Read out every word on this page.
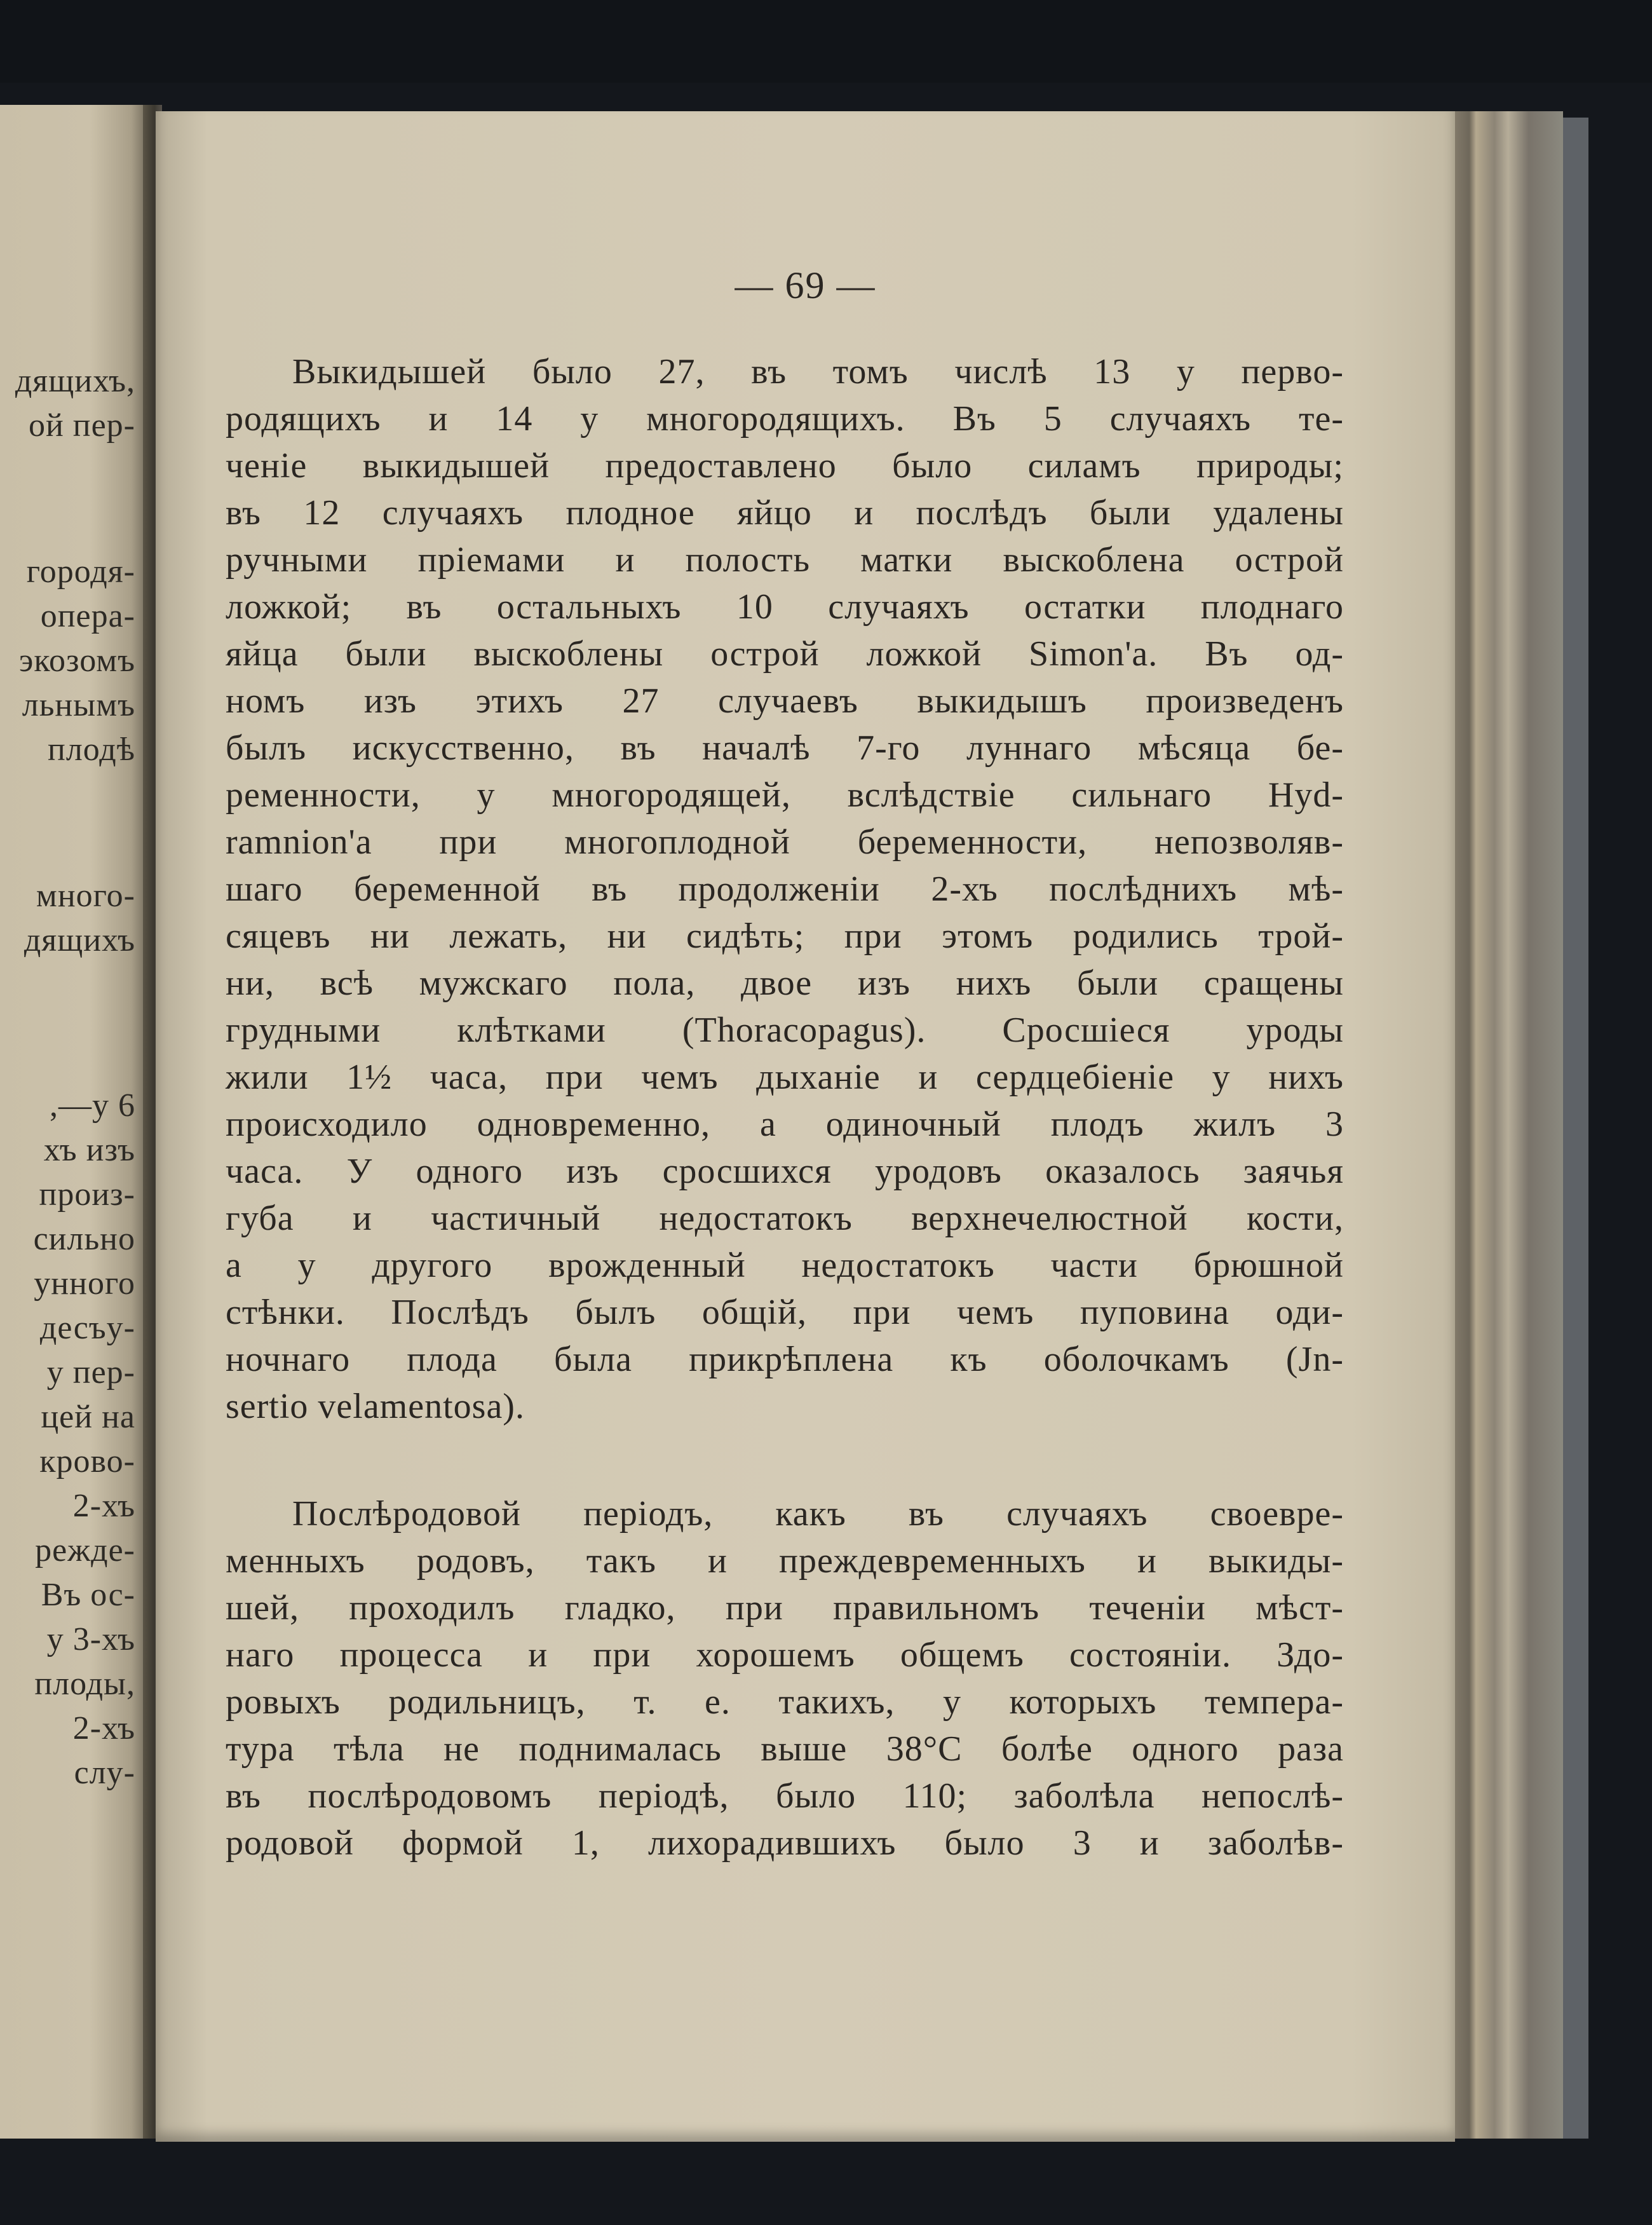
дящихъ,
ой пер-
городя-
опера-
экозомъ
льнымъ
плодѣ
много-
дящихъ
,—у 6
хъ изъ
произ-
сильно
унного
десъу-
у пер-
цей на
крово-
2-хъ
режде-
Въ ос-
у 3-хъ
плоды,
2-хъ
слу-
— 69 —
Выкидышей было 27, въ томъ числѣ 13 у перво-
родящихъ и 14 у многородящихъ. Въ 5 случаяхъ те-
ченіе выкидышей предоставлено было силамъ природы;
въ 12 случаяхъ плодное яйцо и послѣдъ были удалены
ручными пріемами и полость матки выскоблена острой
ложкой; въ остальныхъ 10 случаяхъ остатки плоднаго
яйца были выскоблены острой ложкой Simon'а. Въ од-
номъ изъ этихъ 27 случаевъ выкидышъ произведенъ
былъ искусственно, въ началѣ 7-го луннаго мѣсяца бе-
ременности, у многородящей, вслѣдствіе сильнаго Hyd-
ramnion'а при многоплодной беременности, непозволяв-
шаго беременной въ продолженіи 2-хъ послѣднихъ мѣ-
сяцевъ ни лежать, ни сидѣть; при этомъ родились трой-
ни, всѣ мужскаго пола, двое изъ нихъ были сращены
грудными клѣтками (Thoracopagus). Сросшіеся уроды
жили 1½ часа, при чемъ дыханіе и сердцебіеніе у нихъ
происходило одновременно, а одиночный плодъ жилъ 3
часа. У одного изъ сросшихся уродовъ оказалось заячья
губа и частичный недостатокъ верхнечелюстной кости,
а у другого врожденный недостатокъ части брюшной
стѣнки. Послѣдъ былъ общій, при чемъ пуповина оди-
ночнаго плода была прикрѣплена къ оболочкамъ (Jn-
sertio velamentosa).
Послѣродовой періодъ, какъ въ случаяхъ своевре-
менныхъ родовъ, такъ и преждевременныхъ и выкиды-
шей, проходилъ гладко, при правильномъ теченіи мѣст-
наго процесса и при хорошемъ общемъ состояніи. Здо-
ровыхъ родильницъ, т. е. такихъ, у которыхъ темпера-
тура тѣла не поднималась выше 38°C болѣе одного раза
въ послѣродовомъ періодѣ, было 110; заболѣла непослѣ-
родовой формой 1, лихорадившихъ было 3 и заболѣв-
